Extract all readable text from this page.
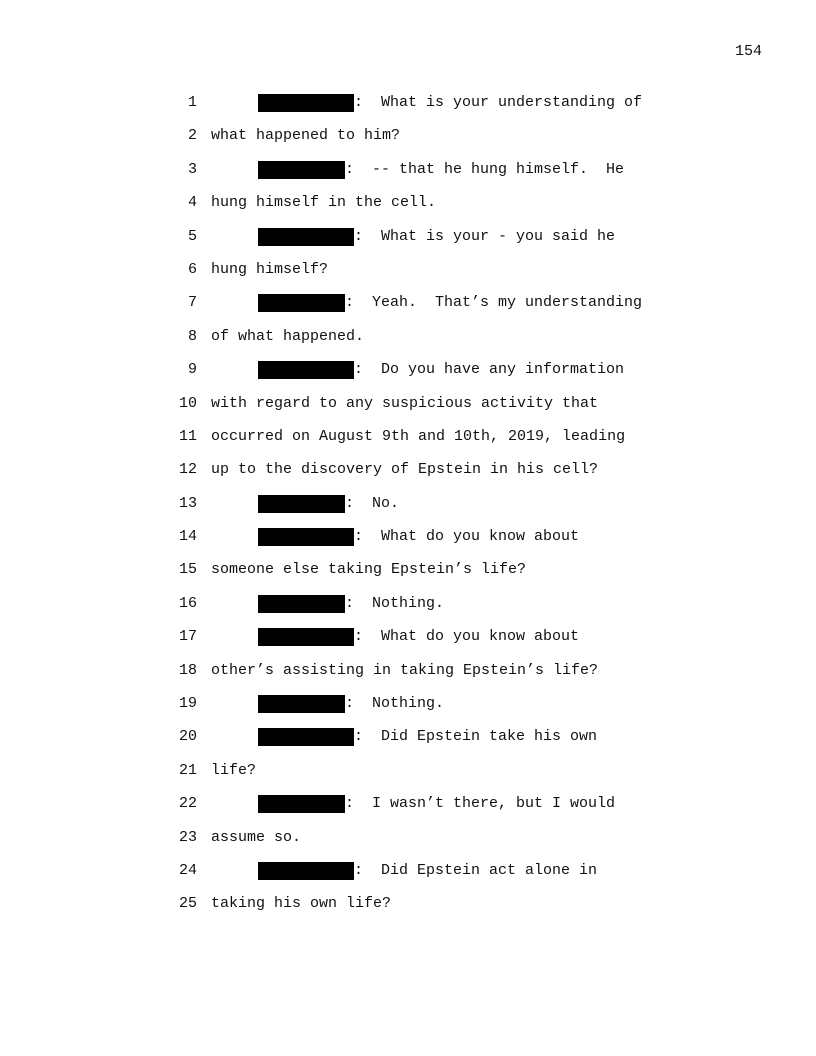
154
1	:  What is your understanding of
2 what happened to him?
3	:  -- that he hung himself.  He
4 hung himself in the cell.
5	:  What is your - you said he
6 hung himself?
7	:  Yeah.  That’s my understanding
8 of what happened.
9	:  Do you have any information
10 with regard to any suspicious activity that
11 occurred on August 9th and 10th, 2019, leading
12 up to the discovery of Epstein in his cell?
13	:  No.
14	:  What do you know about
15 someone else taking Epstein’s life?
16	:  Nothing.
17	:  What do you know about
18 other’s assisting in taking Epstein’s life?
19	:  Nothing.
20	:  Did Epstein take his own
21 life?
22	:  I wasn’t there, but I would
23 assume so.
24	:  Did Epstein act alone in
25 taking his own life?
